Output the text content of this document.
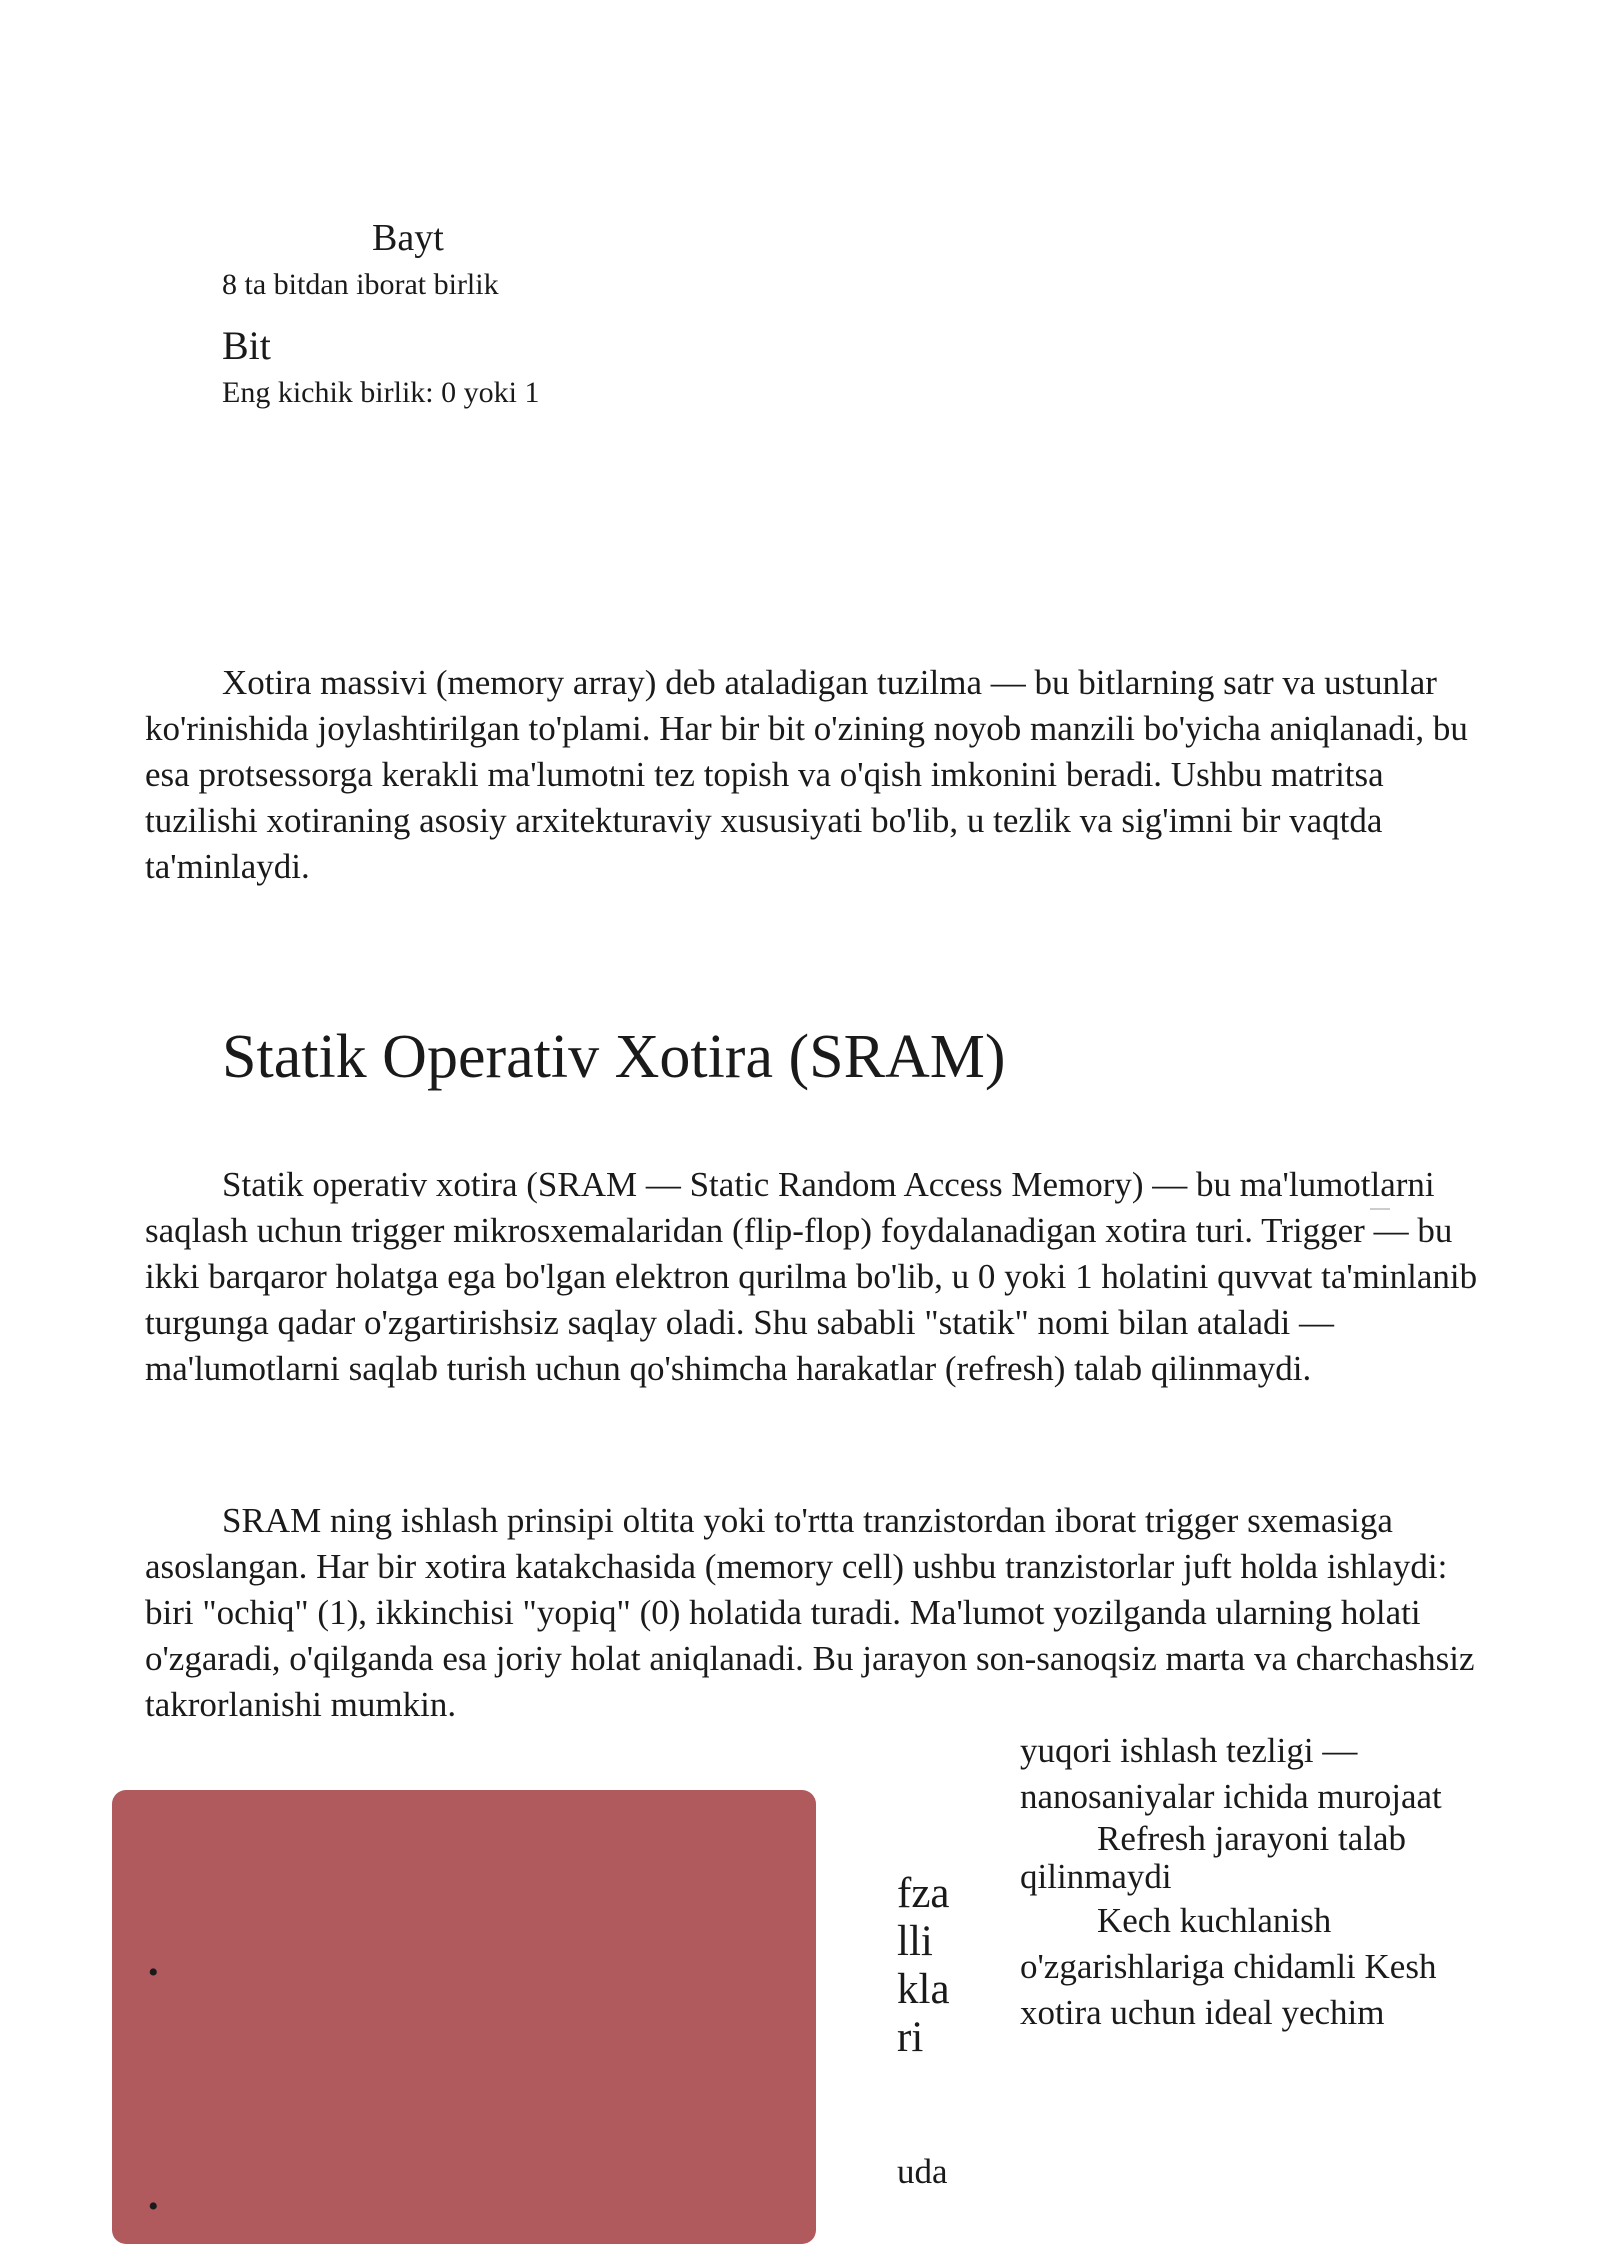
Bayt
8 ta bitdan iborat birlik
Bit
Eng kichik birlik: 0 yoki 1

Xotira massivi (memory array) deb ataladigan tuzilma — bu bitlarning satr va ustunlar ko'rinishida joylashtirilgan to'plami. Har bir bit o'zining noyob manzili bo'yicha aniqlanadi, bu esa protsessorga kerakli ma'lumotni tez topish va o'qish imkonini beradi. Ushbu matritsa tuzilishi xotiraning asosiy arxitekturaviy xususiyati bo'lib, u tezlik va sig'imni bir vaqtda ta'minlaydi.

Statik Operativ Xotira (SRAM)

Statik operativ xotira (SRAM — Static Random Access Memory) — bu ma'lumotlarni saqlash uchun trigger mikrosxemalaridan (flip-flop) foydalanadigan xotira turi. Trigger — bu ikki barqaror holatga ega bo'lgan elektron qurilma bo'lib, u 0 yoki 1 holatini quvvat ta'minlanib turgunga qadar o'zgartirishsiz saqlay oladi. Shu sababli "statik" nomi bilan ataladi — ma'lumotlarni saqlab turish uchun qo'shimcha harakatlar (refresh) talab qilinmaydi.

SRAM ning ishlash prinsipi oltita yoki to'rtta tranzistordan iborat trigger sxemasiga asoslangan. Har bir xotira katakchasida (memory cell) ushbu tranzistorlar juft holda ishlaydi: biri "ochiq" (1), ikkinchisi "yopiq" (0) holatida turadi. Ma'lumot yozilganda ularning holati o'zgaradi, o'qilganda esa joriy holat aniqlanadi. Bu jarayon son-sanoqsiz marta va charchashsiz takrorlanishi mumkin.

•
•
fza
lli
kla
ri
uda
yuqori ishlash tezligi — nanosaniyalar ichida murojaat
Refresh jarayoni talab qilinmaydi
Kech kuchlanish o'zgarishlariga chidamli Kesh xotira uchun ideal yechim
